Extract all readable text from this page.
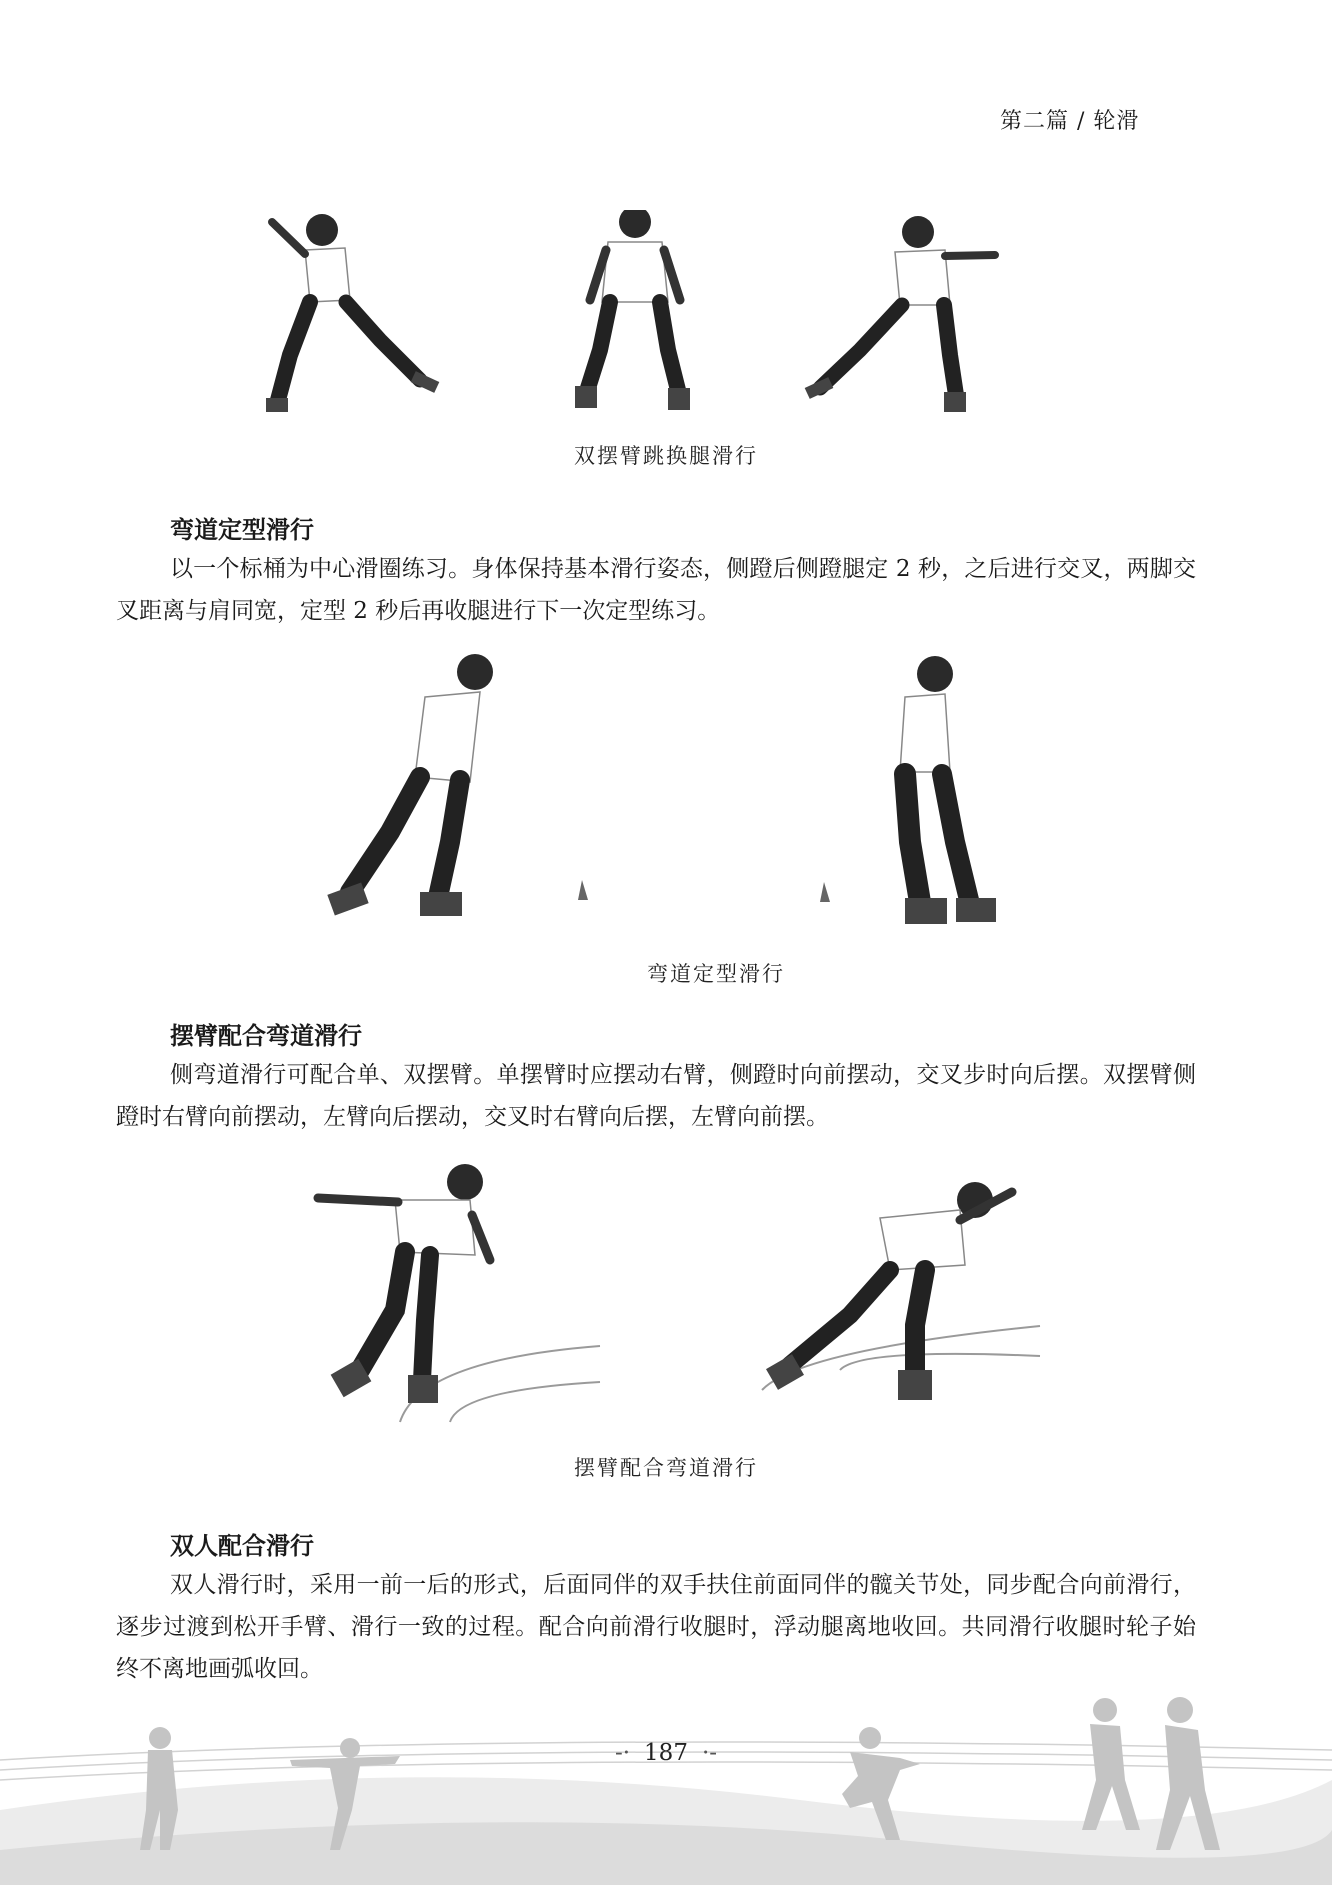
第二篇 / 轮滑
双摆臂跳换腿滑行
弯道定型滑行
以一个标桶为中心滑圈练习。身体保持基本滑行姿态，侧蹬后侧蹬腿定 2 秒，之后进行交叉，两脚交叉距离与肩同宽，定型 2 秒后再收腿进行下一次定型练习。
弯道定型滑行
摆臂配合弯道滑行
侧弯道滑行可配合单、双摆臂。单摆臂时应摆动右臂，侧蹬时向前摆动，交叉步时向后摆。双摆臂侧蹬时右臂向前摆动，左臂向后摆动，交叉时右臂向后摆，左臂向前摆。
摆臂配合弯道滑行
双人配合滑行
双人滑行时，采用一前一后的形式，后面同伴的双手扶住前面同伴的髋关节处，同步配合向前滑行，逐步过渡到松开手臂、滑行一致的过程。配合向前滑行收腿时，浮动腿离地收回。共同滑行收腿时轮子始终不离地画弧收回。
-· 187 ·-
